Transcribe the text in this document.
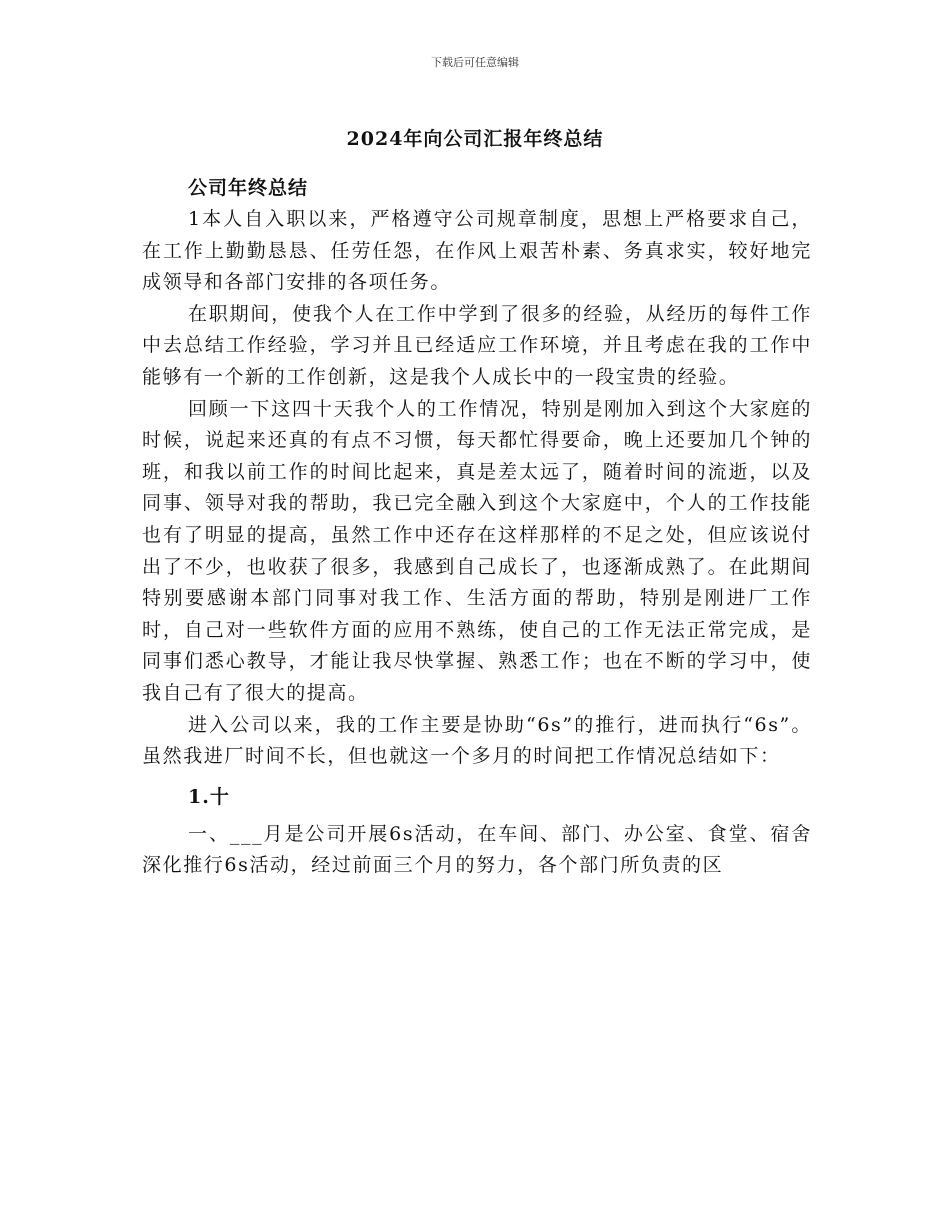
下载后可任意编辑
2024年向公司汇报年终总结

公司年终总结

1本人自入职以来，严格遵守公司规章制度，思想上严格要求自己，在工作上勤勤恳恳、任劳任怨，在作风上艰苦朴素、务真求实，较好地完成领导和各部门安排的各项任务。

在职期间，使我个人在工作中学到了很多的经验，从经历的每件工作中去总结工作经验，学习并且已经适应工作环境，并且考虑在我的工作中能够有一个新的工作创新，这是我个人成长中的一段宝贵的经验。

回顾一下这四十天我个人的工作情况，特别是刚加入到这个大家庭的时候，说起来还真的有点不习惯，每天都忙得要命，晚上还要加几个钟的班，和我以前工作的时间比起来，真是差太远了，随着时间的流逝，以及同事、领导对我的帮助，我已完全融入到这个大家庭中，个人的工作技能也有了明显的提高，虽然工作中还存在这样那样的不足之处，但应该说付出了不少，也收获了很多，我感到自己成长了，也逐渐成熟了。在此期间特别要感谢本部门同事对我工作、生活方面的帮助，特别是刚进厂工作时，自己对一些软件方面的应用不熟练，使自己的工作无法正常完成，是同事们悉心教导，才能让我尽快掌握、熟悉工作；也在不断的学习中，使我自己有了很大的提高。

进入公司以来，我的工作主要是协助“6s”的推行，进而执行“6s”。虽然我进厂时间不长，但也就这一个多月的时间把工作情况总结如下：

1.十

一、___月是公司开展6s活动，在车间、部门、办公室、食堂、宿舍深化推行6s活动，经过前面三个月的努力，各个部门所负责的区
